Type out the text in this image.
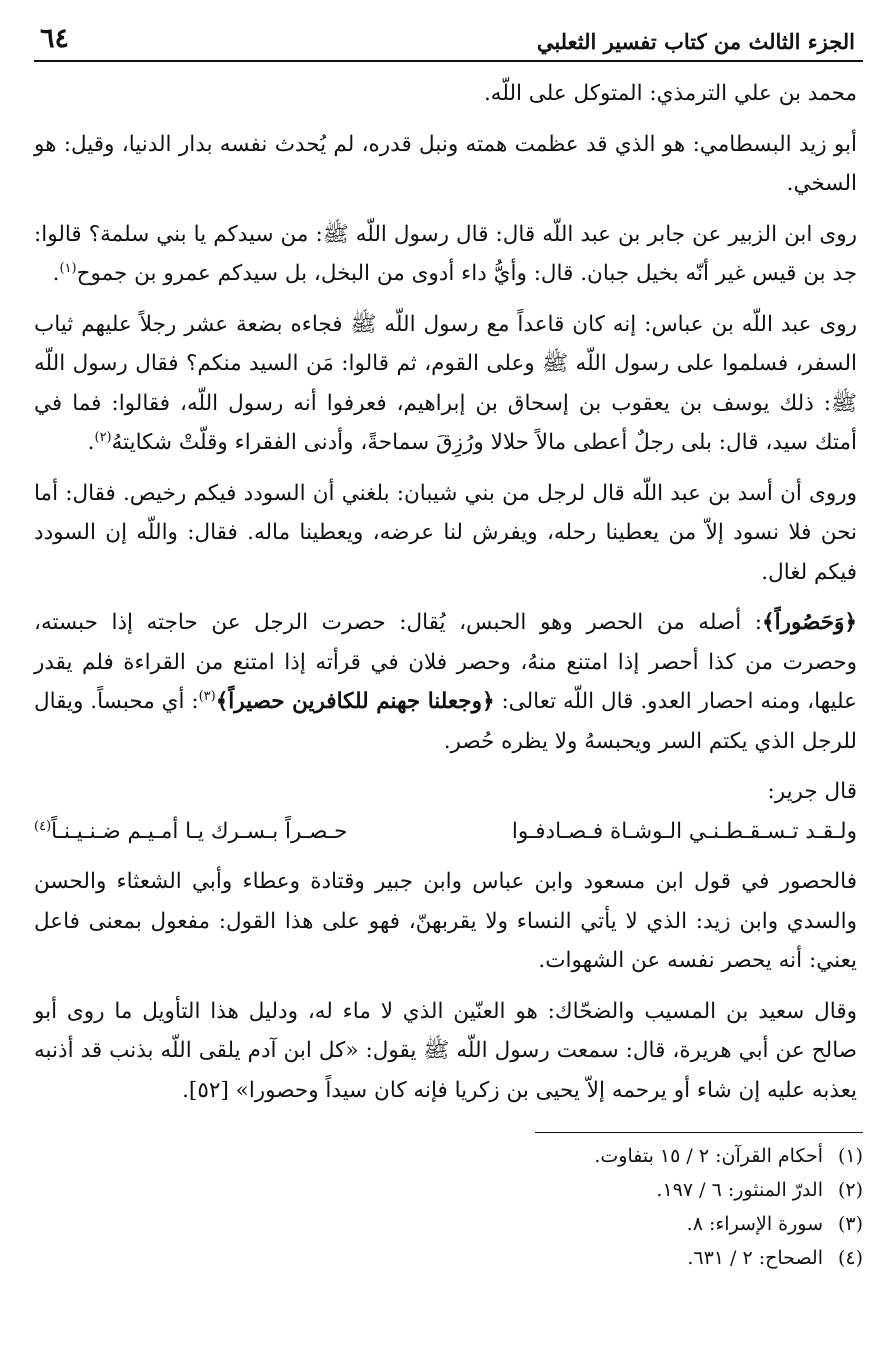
الجزء الثالث من كتاب تفسير الثعلبي
٦٤

محمد بن علي الترمذي: المتوكل على اللّه.

أبو زيد البسطامي: هو الذي قد عظمت همته ونبل قدره، لم يُحدث نفسه بدار الدنيا، وقيل: هو السخي.

روى ابن الزبير عن جابر بن عبد اللّه قال: قال رسول اللّه ﷺ: من سيدكم يا بني سلمة؟ قالوا: جد بن قيس غير أنّه بخيل جبان. قال: وأيُّ داء أدوى من البخل، بل سيدكم عمرو بن جموح$^{(١)}$.

روى عبد اللّه بن عباس: إنه كان قاعداً مع رسول اللّه ﷺ فجاءه بضعة عشر رجلاً عليهم ثياب السفر، فسلموا على رسول اللّه ﷺ وعلى القوم، ثم قالوا: مَن السيد منكم؟ فقال رسول اللّه ﷺ: ذلك يوسف بن يعقوب بن إسحاق بن إبراهيم، فعرفوا أنه رسول اللّه، فقالوا: فما في أمتك سيد، قال: بلى رجلٌ أعطى مالاً حلالا ورُزِقَ سماحةً، وأدنى الفقراء وقلّتْ شكايتهُ$^{(٢)}$.

وروى أن أسد بن عبد اللّه قال لرجل من بني شيبان: بلغني أن السودد فيكم رخيص. فقال: أما نحن فلا نسود إلاّ من يعطينا رحله، ويفرش لنا عرضه، ويعطينا ماله. فقال: واللّه إن السودد فيكم لغال.

﴿وَحَصُوراً﴾: أصله من الحصر وهو الحبس، يُقال: حصرت الرجل عن حاجته إذا حبسته، وحصرت من كذا أحصر إذا امتنع منهُ، وحصر فلان في قرأته إذا امتنع من القراءة فلم يقدر عليها، ومنه احصار العدو. قال اللّه تعالى: ﴿وجعلنا جهنم للكافرين حصيراً﴾$^{(٣)}$: أي محبساً. ويقال للرجل الذي يكتم السر ويحبسهُ ولا يظره حُصر.

قال جرير:

ولـقـد تـسـقـطـنـي الـوشـاة فـصـادفـوا
حـصـراً بـسـرك يـا أمـيـم ضـنـيـنـاً$^{(٤)}$

فالحصور في قول ابن مسعود وابن عباس وابن جبير وقتادة وعطاء وأبي الشعثاء والحسن والسدي وابن زيد: الذي لا يأتي النساء ولا يقربهنّ، فهو على هذا القول: مفعول بمعنى فاعل يعني: أنه يحصر نفسه عن الشهوات.

وقال سعيد بن المسيب والضحّاك: هو العنّين الذي لا ماء له، ودليل هذا التأويل ما روى أبو صالح عن أبي هريرة، قال: سمعت رسول اللّه ﷺ يقول: «كل ابن آدم يلقى اللّه بذنب قد أذنبه يعذبه عليه إن شاء أو يرحمه إلاّ يحيى بن زكريا فإنه كان سيداً وحصورا» [٥٢].

(١)
أحكام القرآن: ٢ / ١٥ بتفاوت.
(٢)
الدرّ المنثور: ٦ / ١٩٧.
(٣)
سورة الإسراء: ٨.
(٤)
الصحاح: ٢ / ٦٣١.
